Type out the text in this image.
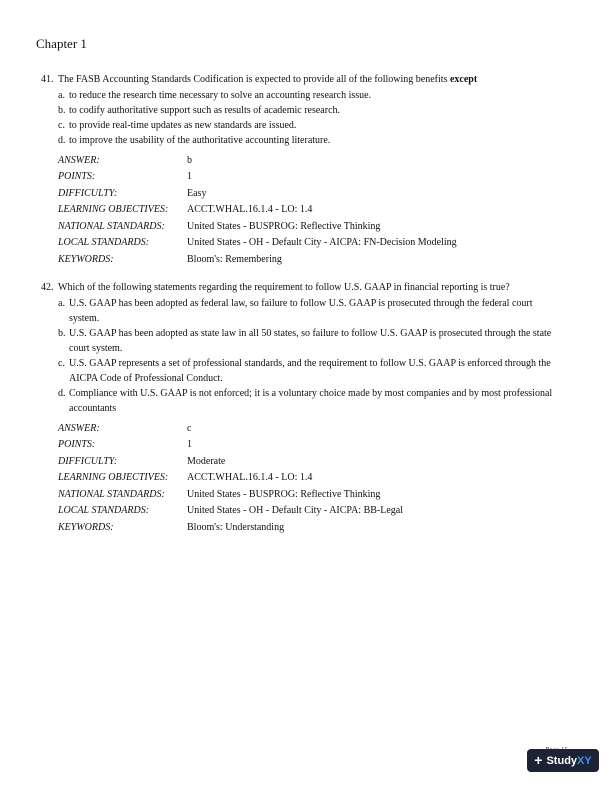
Chapter 1
41. The FASB Accounting Standards Codification is expected to provide all of the following benefits except
a. to reduce the research time necessary to solve an accounting research issue.
b. to codify authoritative support such as results of academic research.
c. to provide real-time updates as new standards are issued.
d. to improve the usability of the authoritative accounting literature.
ANSWER:	b
POINTS:	1
DIFFICULTY:	Easy
LEARNING OBJECTIVES:	ACCT.WHAL.16.1.4 - LO: 1.4
NATIONAL STANDARDS:	United States - BUSPROG: Reflective Thinking
LOCAL STANDARDS:	United States - OH - Default City - AICPA: FN-Decision Modeling
KEYWORDS:	Bloom's: Remembering
42. Which of the following statements regarding the requirement to follow U.S. GAAP in financial reporting is true?
a. U.S. GAAP has been adopted as federal law, so failure to follow U.S. GAAP is prosecuted through the federal court system.
b. U.S. GAAP has been adopted as state law in all 50 states, so failure to follow U.S. GAAP is prosecuted through the state court system.
c. U.S. GAAP represents a set of professional standards, and the requirement to follow U.S. GAAP is enforced through the AICPA Code of Professional Conduct.
d. Compliance with U.S. GAAP is not enforced; it is a voluntary choice made by most companies and by most professional accountants
ANSWER:	c
POINTS:	1
DIFFICULTY:	Moderate
LEARNING OBJECTIVES:	ACCT.WHAL.16.1.4 - LO: 1.4
NATIONAL STANDARDS:	United States - BUSPROG: Reflective Thinking
LOCAL STANDARDS:	United States - OH - Default City - AICPA: BB-Legal
KEYWORDS:	Bloom's: Understanding
+ StudyXY
